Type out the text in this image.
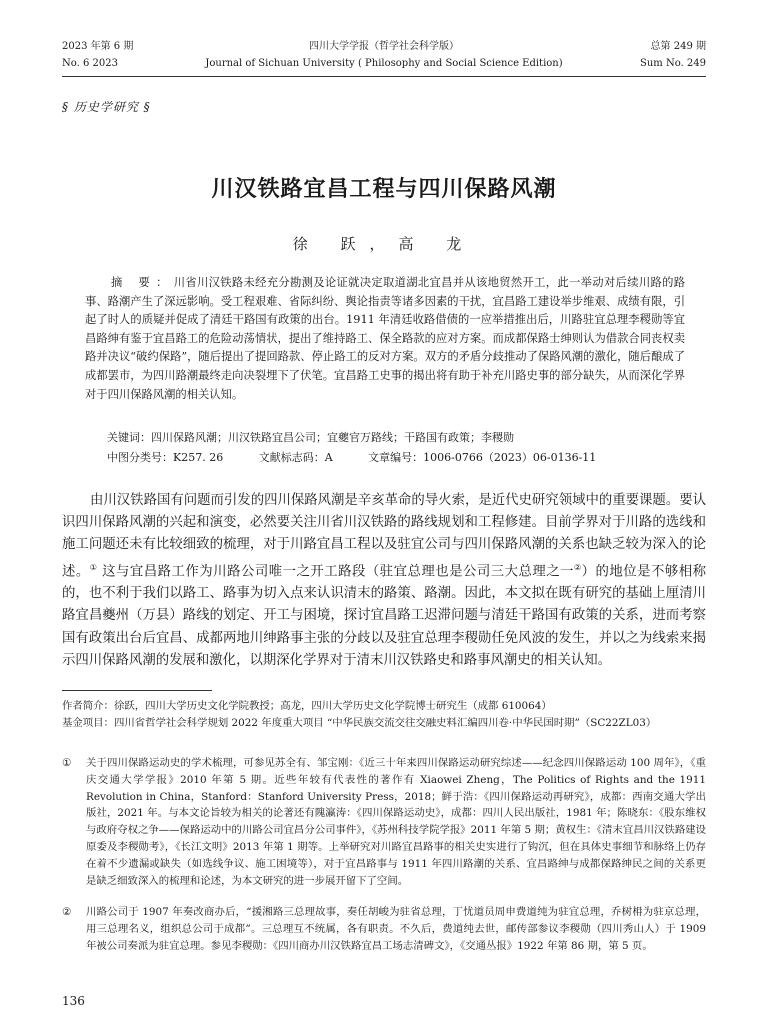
2023 年第 6 期	四川大学学报（哲学社会科学版）	总第 249 期
No. 6 2023	Journal of Sichuan University ( Philosophy and Social Science Edition)	Sum No. 249
§ 历史学研究 §
川汉铁路宜昌工程与四川保路风潮
徐 跃，高 龙
摘 要：川省川汉铁路未经充分勘测及论证就决定取道湖北宜昌并从该地贸然开工，此一举动对后续川路的路事、路潮产生了深远影响。受工程艰难、省际纠纷、舆论指责等诸多因素的干扰，宜昌路工建设举步维艰、成绩有限，引起了时人的质疑并促成了清廷干路国有政策的出台。1911 年清廷收路借债的一应举措推出后，川路驻宜总理李稷勋等宜昌路绅有鉴于宜昌路工的危险动荡情状，提出了维持路工、保全路款的应对方案。而成都保路士绅则认为借款合同丧权卖路并决议“破约保路”，随后提出了提回路款、停止路工的反对方案。双方的矛盾分歧推动了保路风潮的激化，随后酿成了成都罢市，为四川路潮最终走向决裂埋下了伏笔。宜昌路工史事的揭出将有助于补充川路史事的部分缺失，从而深化学界对于四川保路风潮的相关认知。
关键词：四川保路风潮；川汉铁路宜昌公司；宜夔官万路线；干路国有政策；李稷勋
中图分类号：K257. 26	文献标志码：A	文章编号：1006-0766（2023）06-0136-11
由川汉铁路国有问题而引发的四川保路风潮是辛亥革命的导火索，是近代史研究领域中的重要课题。要认识四川保路风潮的兴起和演变，必然要关注川省川汉铁路的路线规划和工程修建。目前学界对于川路的选线和施工问题还未有比较细致的梳理，对于川路宜昌工程以及驻宜公司与四川保路风潮的关系也缺乏较为深入的论述。① 这与宜昌路工作为川路公司唯一之开工路段（驻宜总理也是公司三大总理之一②）的地位是不够相称的，也不利于我们以路工、路事为切入点来认识清末的路策、路潮。因此，本文拟在既有研究的基础上厘清川路宜昌夔州（万县）路线的划定、开工与困境，探讨宜昌路工迟滞问题与清廷干路国有政策的关系，进而考察国有政策出台后宜昌、成都两地川绅路事主张的分歧以及驻宜总理李稷勋任免风波的发生，并以之为线索来揭示四川保路风潮的发展和激化，以期深化学界对于清末川汉铁路史和路事风潮史的相关认知。
作者简介：徐跃，四川大学历史文化学院教授；高龙，四川大学历史文化学院博士研究生（成都 610064）
基金项目：四川省哲学社会科学规划 2022 年度重大项目 “中华民族交流交往交融史料汇编四川卷·中华民国时期”（SC22ZL03）
①	关于四川保路运动史的学术梳理，可参见苏全有、邹宝刚：《近三十年来四川保路运动研究综述——纪念四川保路运动 100 周年》，《重庆交通大学学报》2010 年第 5 期。近些年较有代表性的著作有 Xiaowei Zheng，The Politics of Rights and the 1911 Revolution in China，Stanford：Stanford University Press，2018；鲜于浩：《四川保路运动再研究》，成都：西南交通大学出版社，2021 年。与本文论旨较为相关的论著还有隗瀛涛：《四川保路运动史》，成都：四川人民出版社，1981 年；陈晓东：《股东维权与政府夺权之争——保路运动中的川路公司宜昌分公司事件》，《苏州科技学院学报》2011 年第 5 期；黄权生：《清末宜昌川汉铁路建设原委及李稷勋考》，《长江文明》2013 年第 1 期等。上举研究对川路宜昌路事的相关史实进行了钩沉，但在具体史事细节和脉络上仍存在着不少遗漏或缺失（如选线争议、施工困境等），对于宜昌路事与 1911 年四川路潮的关系、宜昌路绅与成都保路绅民之间的关系更是缺乏细致深入的梳理和论述，为本文研究的进一步展开留下了空间。
②	川路公司于 1907 年奏改商办后，“援湘路三总理故事，奏任胡峻为驻省总理，丁忧道员周申费道纯为驻宜总理，乔树枏为驻京总理，用三总理名义，组织总公司于成都”。三总理互不统属，各有职责。不久后，费道纯去世，邮传部参议李稷勋（四川秀山人）于 1909 年被公司奏派为驻宜总理。参见李稷勋：《四川商办川汉铁路宜昌工场志清碑文》，《交通丛报》1922 年第 86 期，第 5 页。
136
